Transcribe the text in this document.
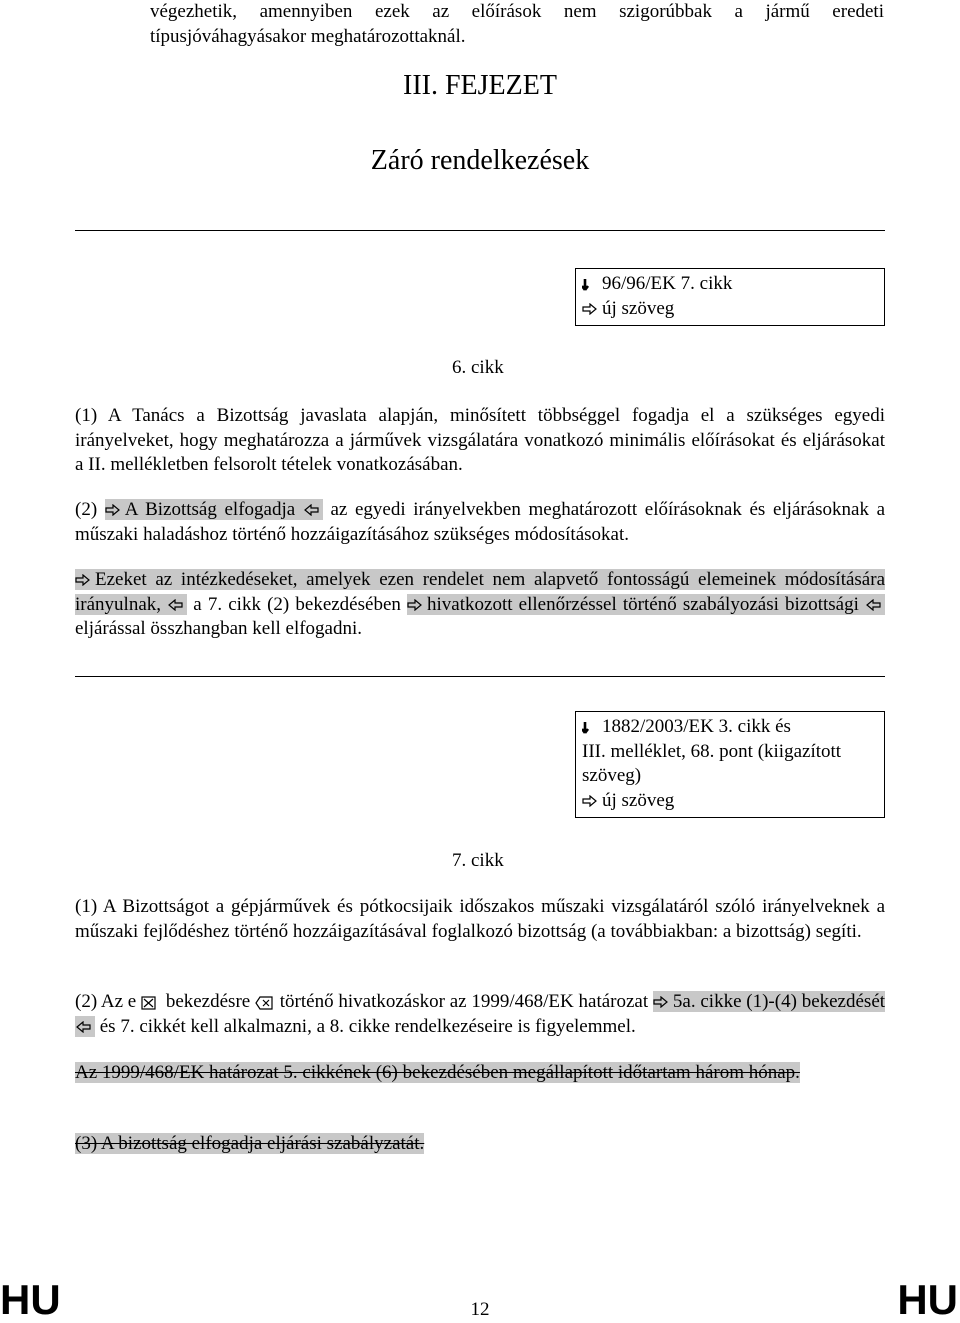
végezhetik, amennyiben ezek az előírások nem szigorúbbak a jármű eredeti típusjóváhagyásakor meghatározottaknál.
III. FEJEZET
Záró rendelkezések
96/96/EK 7. cikk
új szöveg
6. cikk
(1) A Tanács a Bizottság javaslata alapján, minősített többséggel fogadja el a szükséges egyedi irányelveket, hogy meghatározza a járművek vizsgálatára vonatkozó minimális előírásokat és eljárásokat a II. mellékletben felsorolt tételek vonatkozásában.
(2) A Bizottság elfogadja az egyedi irányelvekben meghatározott előírásoknak és eljárásoknak a műszaki haladáshoz történő hozzáigazításához szükséges módosításokat.
Ezeket az intézkedéseket, amelyek ezen rendelet nem alapvető fontosságú elemeinek módosítására irányulnak, a 7. cikk (2) bekezdésében hivatkozott ellenőrzéssel történő szabályozási bizottsági
eljárással összhangban kell elfogadni.
1882/2003/EK 3. cikk és
III. melléklet, 68. pont (kiigazított
szöveg)
új szöveg
7. cikk
(1) A Bizottságot a gépjárművek és pótkocsijaik időszakos műszaki vizsgálatáról szóló irányelveknek a műszaki fejlődéshez történő hozzáigazításával foglalkozó bizottság (a továbbiakban: a bizottság) segíti.
(2) Az e bekezdésre történő hivatkozáskor az 1999/468/EK határozat 5a. cikke (1)-(4) bekezdését
és 7. cikkét kell alkalmazni, a 8. cikke rendelkezéseire is figyelemmel.
Az 1999/468/EK határozat 5. cikkének (6) bekezdésében megállapított időtartam három hónap.
(3) A bizottság elfogadja eljárási szabályzatát.
HU	12	HU
